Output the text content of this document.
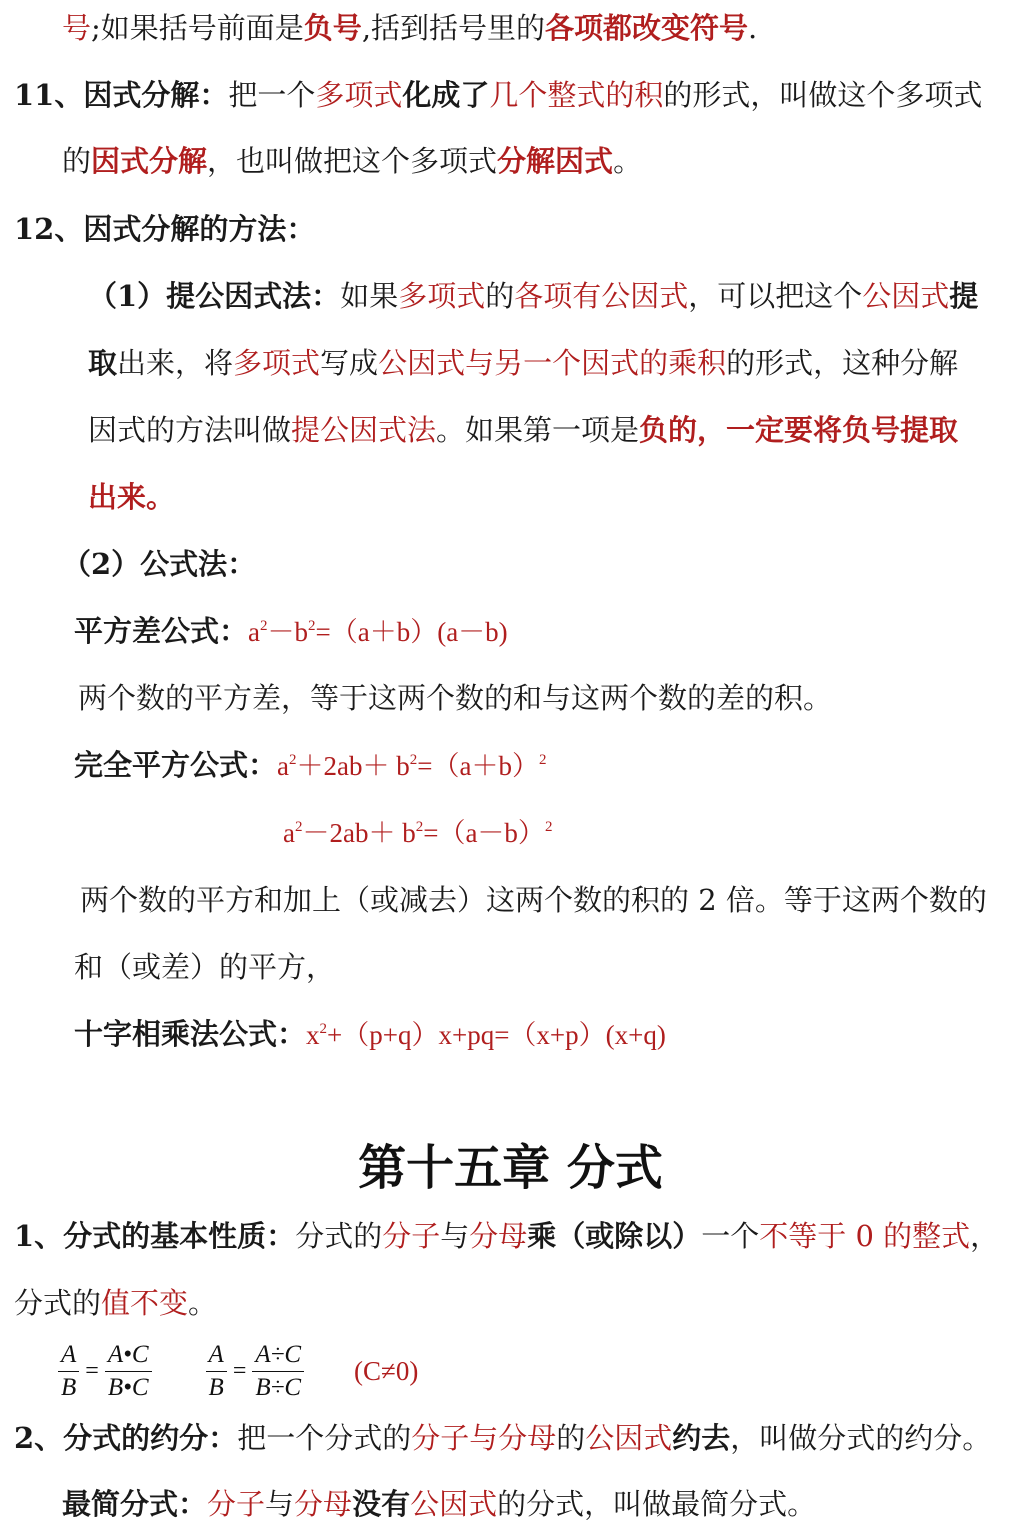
号;如果括号前面是负号,括到括号里的各项都改变符号.
11、因式分解：把一个多项式化成了几个整式的积的形式，叫做这个多项式
的因式分解，也叫做把这个多项式分解因式。
12、因式分解的方法：
（1）提公因式法：如果多项式的各项有公因式，可以把这个公因式提
取出来，将多项式写成公因式与另一个因式的乘积的形式，这种分解
因式的方法叫做提公因式法。如果第一项是负的，一定要将负号提取
出来。
（2）公式法：
平方差公式：$a^2-b^2=(a+b)(a-b)$
两个数的平方差，等于这两个数的和与这两个数的差的积。
完全平方公式：$a^2+2ab+ b^2=(a+b)^2$
$a^2-2ab+ b^2=(a-b)^2$
两个数的平方和加上（或减去）这两个数的积的 2 倍。等于这两个数的
和（或差）的平方，
十字相乘法公式：$x^2+(p+q)x+pq=(x+p)(x+q)$
第十五章 分式
1、分式的基本性质：分式的分子与分母乘（或除以）一个不等于 0 的整式，
分式的值不变。
$\frac{A}{B} = \frac{A•C}{B•C} \frac{A}{B} = \frac{A\div C}{B\div C} (C\ne 0)$
2、分式的约分：把一个分式的分子与分母的公因式约去，叫做分式的约分。
最简分式：分子与分母没有公因式的分式，叫做最简分式。
